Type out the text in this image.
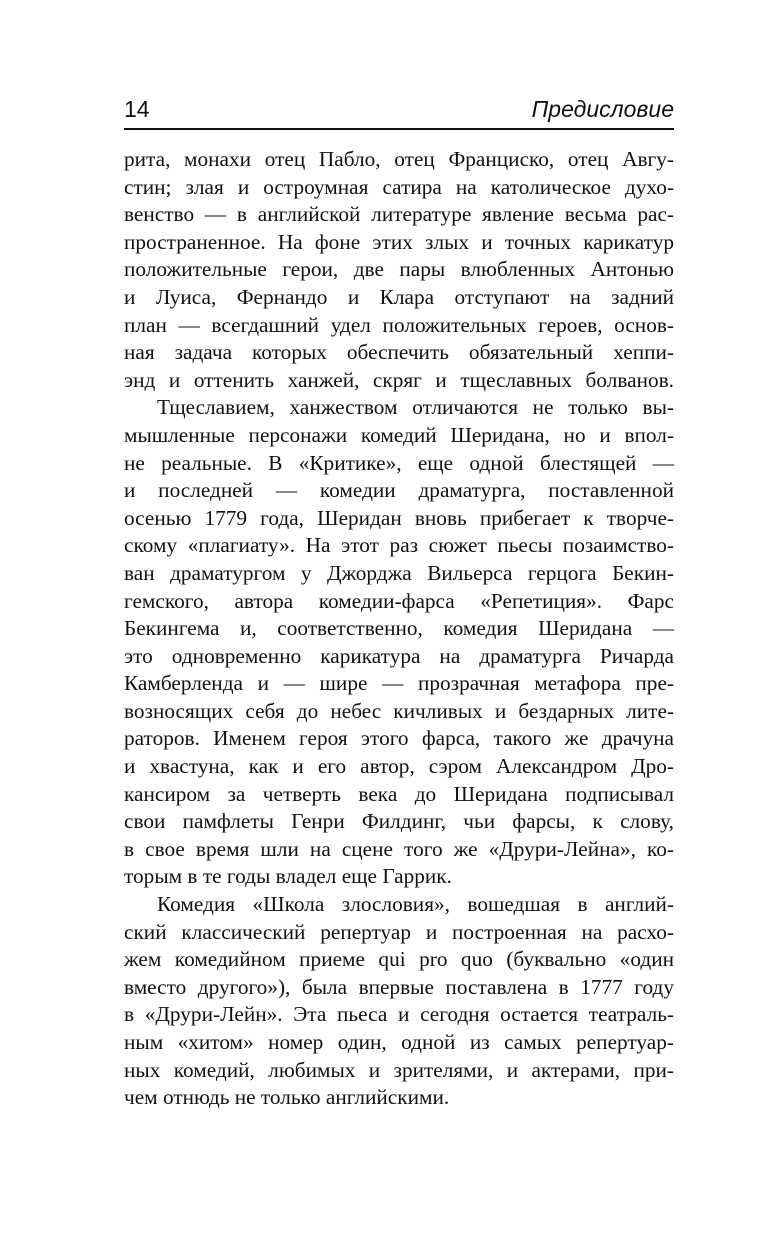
14	Предисловие
рита, монахи отец Пабло, отец Франциско, отец Авгу-
стин; злая и остроумная сатира на католическое духо-
венство — в английской литературе явление весьма рас-
пространенное. На фоне этих злых и точных карикатур
положительные герои, две пары влюбленных Антонью
и Луиса, Фернандо и Клара отступают на задний
план — всегдашний удел положительных героев, основ-
ная задача которых обеспечить обязательный хеппи-
энд и оттенить ханжей, скряг и тщеславных болванов.
Тщеславием, ханжеством отличаются не только вы-
мышленные персонажи комедий Шеридана, но и впол-
не реальные. В «Критике», еще одной блестящей —
и последней — комедии драматурга, поставленной
осенью 1779 года, Шеридан вновь прибегает к творче-
скому «плагиату». На этот раз сюжет пьесы позаимство-
ван драматургом у Джорджа Вильерса герцога Бекин-
гемского, автора комедии-фарса «Репетиция». Фарс
Бекингема и, соответственно, комедия Шеридана —
это одновременно карикатура на драматурга Ричарда
Камберленда и — шире — прозрачная метафора пре-
возносящих себя до небес кичливых и бездарных лите-
раторов. Именем героя этого фарса, такого же драчуна
и хвастуна, как и его автор, сэром Александром Дро-
кансиром за четверть века до Шеридана подписывал
свои памфлеты Генри Филдинг, чьи фарсы, к слову,
в свое время шли на сцене того же «Друри-Лейна», ко-
торым в те годы владел еще Гаррик.
Комедия «Школа злословия», вошедшая в англий-
ский классический репертуар и построенная на расхо-
жем комедийном приеме qui pro quo (буквально «один
вместо другого»), была впервые поставлена в 1777 году
в «Друри-Лейн». Эта пьеса и сегодня остается театраль-
ным «хитом» номер один, одной из самых репертуар-
ных комедий, любимых и зрителями, и актерами, при-
чем отнюдь не только английскими.
